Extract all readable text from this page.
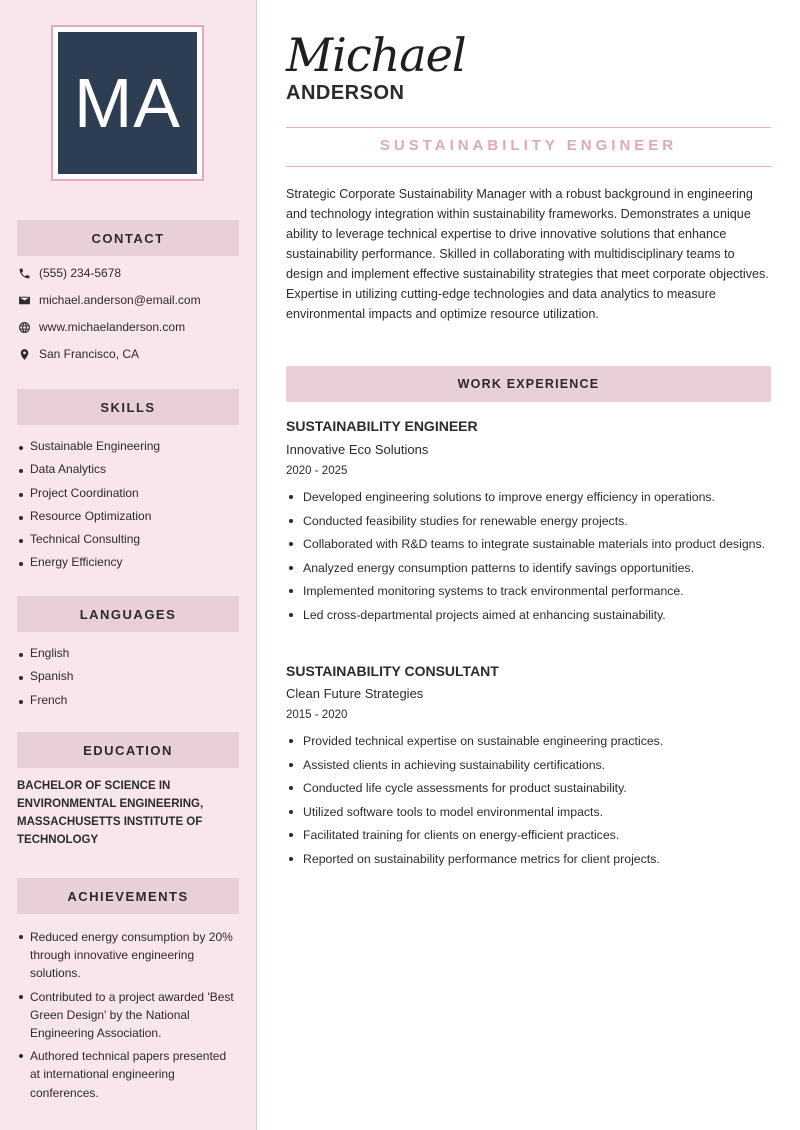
MA
CONTACT
(555) 234-5678
michael.anderson@email.com
www.michaelanderson.com
San Francisco, CA
SKILLS
Sustainable Engineering
Data Analytics
Project Coordination
Resource Optimization
Technical Consulting
Energy Efficiency
LANGUAGES
English
Spanish
French
EDUCATION
BACHELOR OF SCIENCE IN ENVIRONMENTAL ENGINEERING, MASSACHUSETTS INSTITUTE OF TECHNOLOGY
ACHIEVEMENTS
Reduced energy consumption by 20% through innovative engineering solutions.
Contributed to a project awarded 'Best Green Design' by the National Engineering Association.
Authored technical papers presented at international engineering conferences.
Michael
ANDERSON
SUSTAINABILITY ENGINEER
Strategic Corporate Sustainability Manager with a robust background in engineering and technology integration within sustainability frameworks. Demonstrates a unique ability to leverage technical expertise to drive innovative solutions that enhance sustainability performance. Skilled in collaborating with multidisciplinary teams to design and implement effective sustainability strategies that meet corporate objectives. Expertise in utilizing cutting-edge technologies and data analytics to measure environmental impacts and optimize resource utilization.
WORK EXPERIENCE
SUSTAINABILITY ENGINEER
Innovative Eco Solutions
2020 - 2025
Developed engineering solutions to improve energy efficiency in operations.
Conducted feasibility studies for renewable energy projects.
Collaborated with R&D teams to integrate sustainable materials into product designs.
Analyzed energy consumption patterns to identify savings opportunities.
Implemented monitoring systems to track environmental performance.
Led cross-departmental projects aimed at enhancing sustainability.
SUSTAINABILITY CONSULTANT
Clean Future Strategies
2015 - 2020
Provided technical expertise on sustainable engineering practices.
Assisted clients in achieving sustainability certifications.
Conducted life cycle assessments for product sustainability.
Utilized software tools to model environmental impacts.
Facilitated training for clients on energy-efficient practices.
Reported on sustainability performance metrics for client projects.
